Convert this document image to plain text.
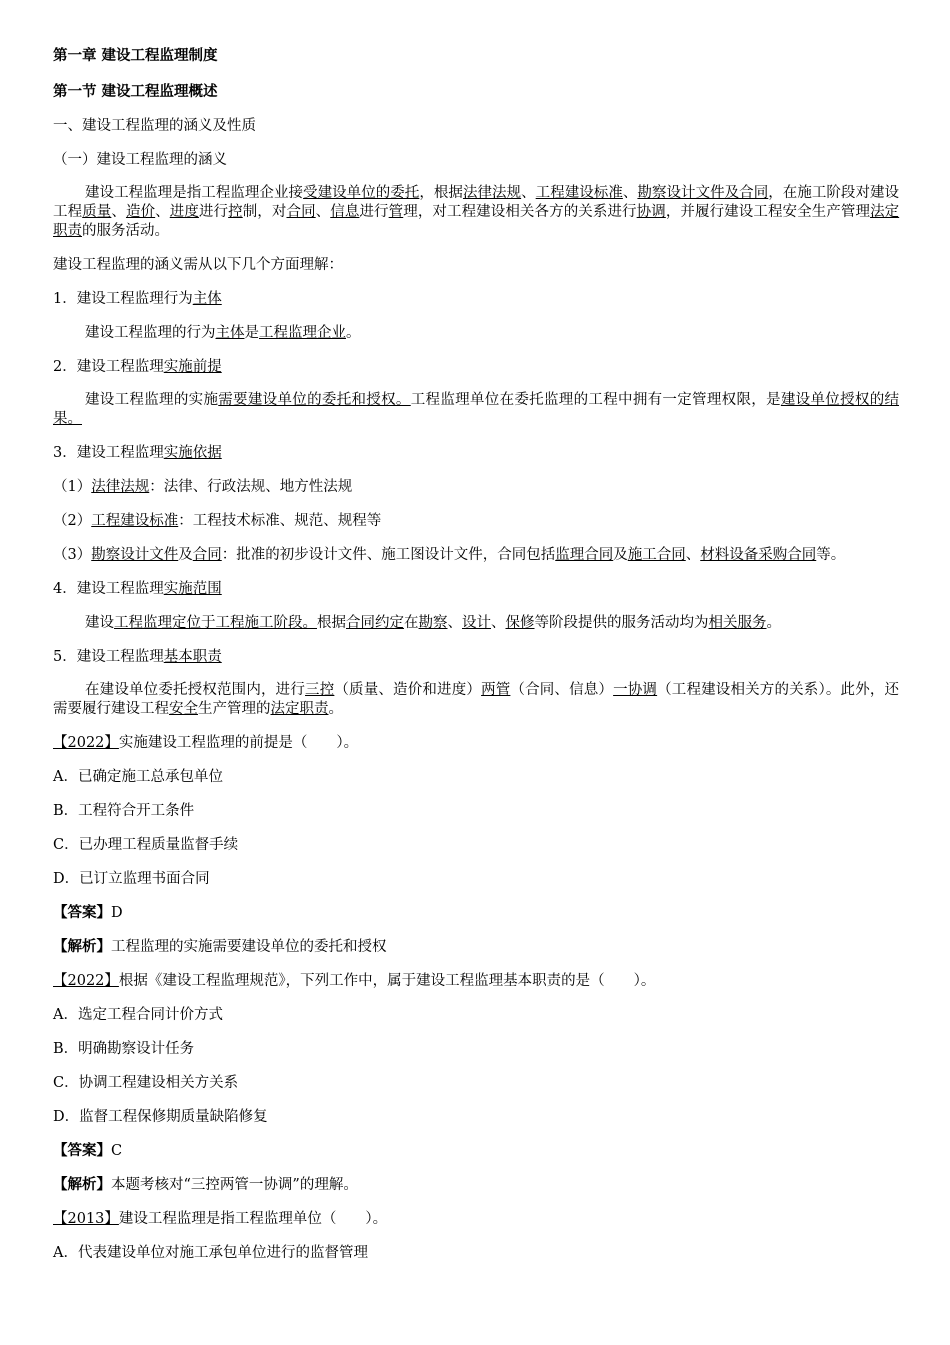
第一章 建设工程监理制度

第一节 建设工程监理概述

一、建设工程监理的涵义及性质

（一）建设工程监理的涵义

建设工程监理是指工程监理企业接受建设单位的委托，根据法律法规、工程建设标准、勘察设计文件及合同，在施工阶段对建设工程质量、造价、进度进行控制，对合同、信息进行管理，对工程建设相关各方的关系进行协调，并履行建设工程安全生产管理法定职责的服务活动。

建设工程监理的涵义需从以下几个方面理解：

1．建设工程监理行为主体

建设工程监理的行为主体是工程监理企业。

2．建设工程监理实施前提

建设工程监理的实施需要建设单位的委托和授权。工程监理单位在委托监理的工程中拥有一定管理权限，是建设单位授权的结果。

3．建设工程监理实施依据

（1）法律法规：法律、行政法规、地方性法规

（2）工程建设标准：工程技术标准、规范、规程等

（3）勘察设计文件及合同：批准的初步设计文件、施工图设计文件，合同包括监理合同及施工合同、材料设备采购合同等。

4．建设工程监理实施范围

建设工程监理定位于工程施工阶段。根据合同约定在勘察、设计、保修等阶段提供的服务活动均为相关服务。

5．建设工程监理基本职责

在建设单位委托授权范围内，进行三控（质量、造价和进度）两管（合同、信息）一协调（工程建设相关方的关系）。此外，还需要履行建设工程安全生产管理的法定职责。

【2022】实施建设工程监理的前提是（　　）。

A．已确定施工总承包单位

B．工程符合开工条件

C．已办理工程质量监督手续

D．已订立监理书面合同

【答案】D

【解析】工程监理的实施需要建设单位的委托和授权

【2022】根据《建设工程监理规范》，下列工作中，属于建设工程监理基本职责的是（　　）。

A．选定工程合同计价方式

B．明确勘察设计任务

C．协调工程建设相关方关系

D．监督工程保修期质量缺陷修复

【答案】C

【解析】本题考核对“三控两管一协调”的理解。

【2013】建设工程监理是指工程监理单位（　　）。

A．代表建设单位对施工承包单位进行的监督管理
